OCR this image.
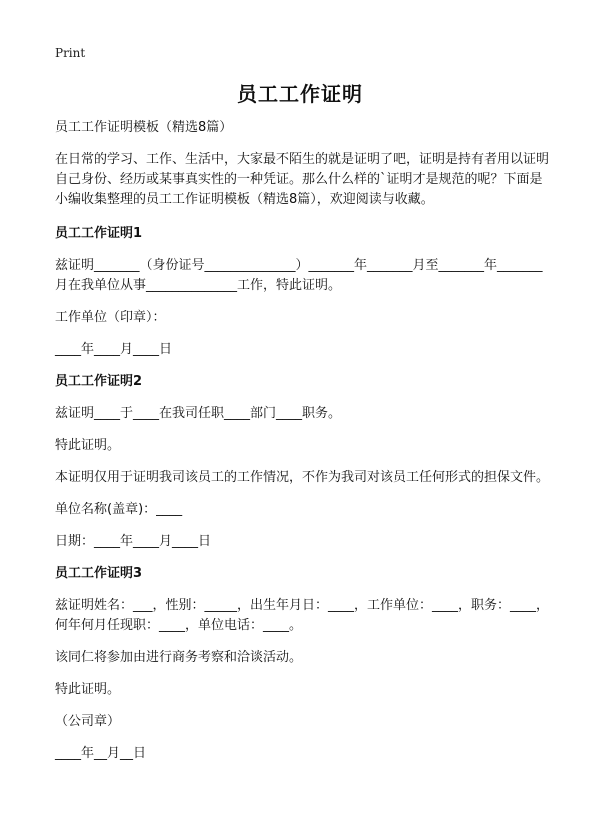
Print
员工工作证明
员工工作证明模板（精选8篇）
在日常的学习、工作、生活中，大家最不陌生的就是证明了吧，证明是持有者用以证明自己身份、经历或某事真实性的一种凭证。那么什么样的`证明才是规范的呢？下面是小编收集整理的员工工作证明模板（精选8篇），欢迎阅读与收藏。
员工工作证明1
兹证明_______（身份证号______________）_______年_______月至_______年_______月在我单位从事______________工作，特此证明。
工作单位（印章）：
____年____月____日
员工工作证明2
兹证明____于____在我司任职____部门____职务。
特此证明。
本证明仅用于证明我司该员工的工作情况，不作为我司对该员工任何形式的担保文件。
单位名称(盖章)：____
日期：____年____月____日
员工工作证明3
兹证明姓名：___，性别：_____，出生年月日：____，工作单位：____，职务：____，何年何月任现职：____，单位电话：____。
该同仁将参加由进行商务考察和洽谈活动。
特此证明。
（公司章）
____年__月__日
